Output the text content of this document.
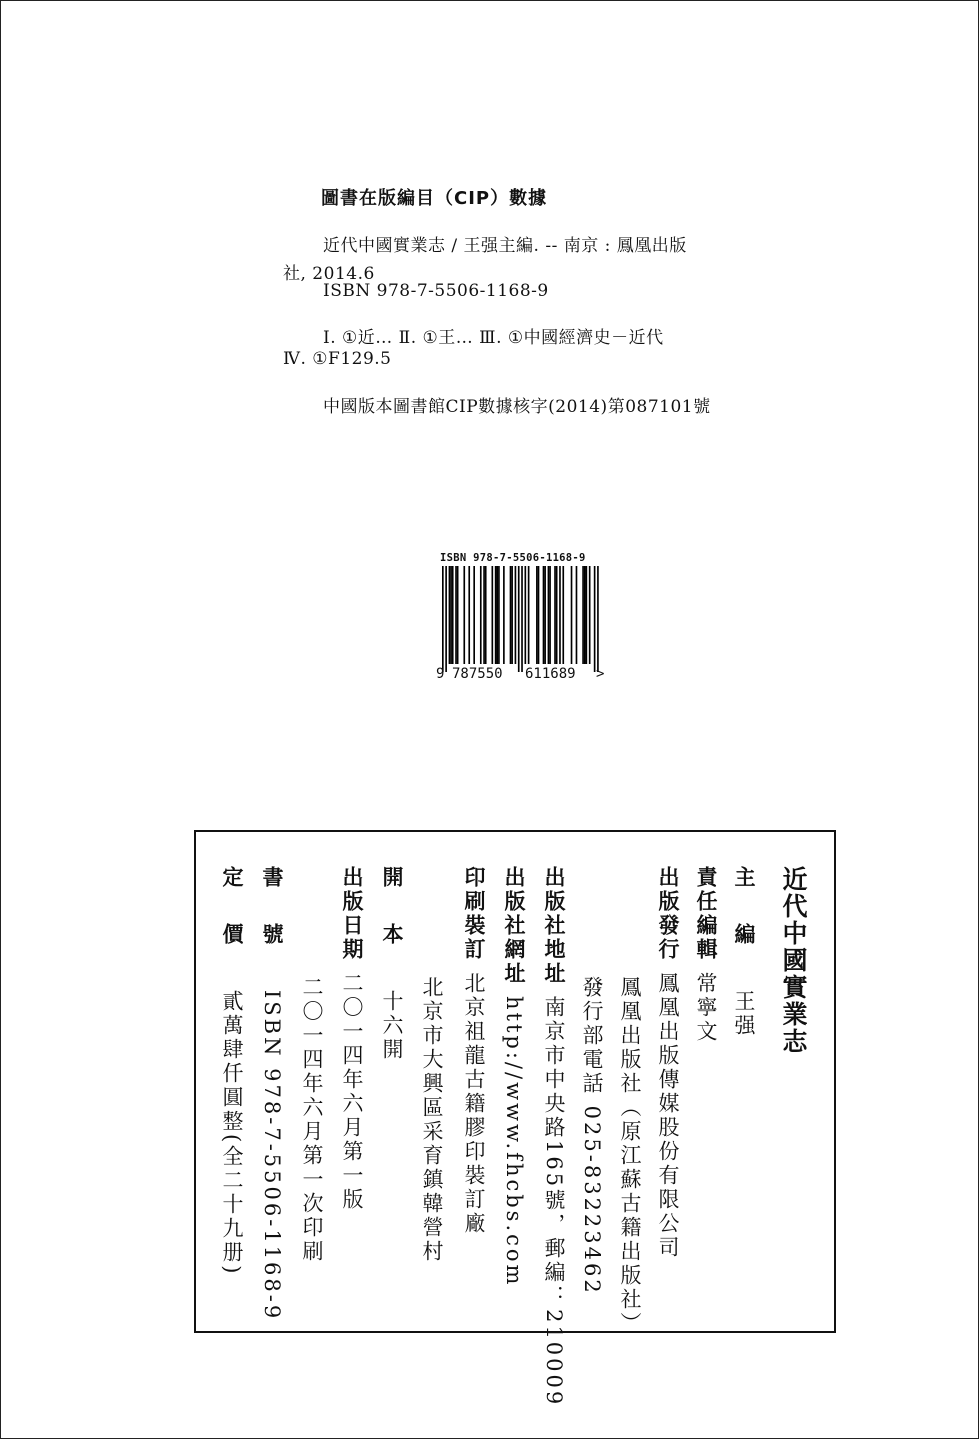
圖書在版編目（CIP）數據
近代中國實業志 / 王强主編. -- 南京 : 鳳凰出版
社, 2014.6
ISBN 978-7-5506-1168-9
Ⅰ. ①近… Ⅱ. ①王… Ⅲ. ①中國經濟史－近代
Ⅳ. ①F129.5
中國版本圖書館CIP數據核字(2014)第087101號
ISBN 978-7-5506-1168-9
9 787550 611689 >
近代中國實業志
主編王强
責任編輯常寧文
出版發行鳳凰出版傳媒股份有限公司
鳳凰出版社（原江蘇古籍出版社）
發行部電話 025-83223462
出版社地址南京市中央路165號，郵編：210009
出版社網址http://www.fhcbs.com
印刷裝訂北京祖龍古籍膠印裝訂廠
北京市大興區采育鎮韓營村
開本十六開
出版日期二〇一四年六月第一版
二〇一四年六月第一次印刷
書號ISBN 978-7-5506-1168-9
定價貳萬肆仟圓整(全二十九册)
